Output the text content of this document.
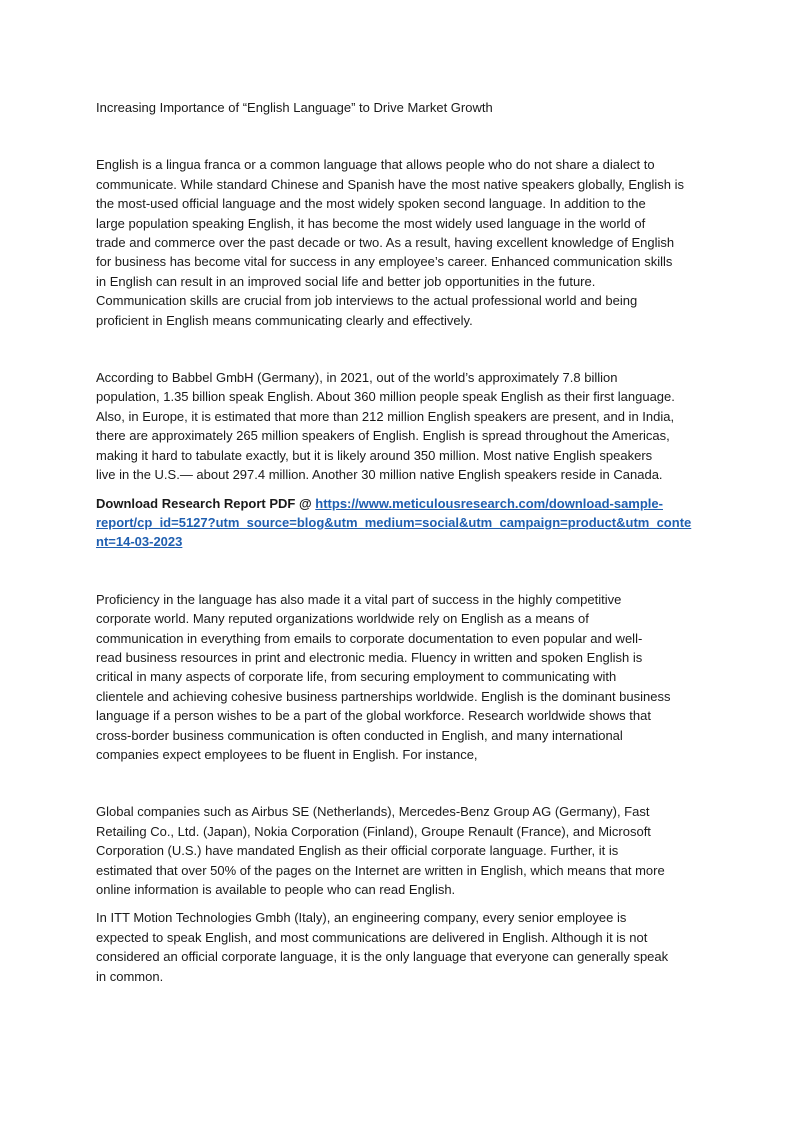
Increasing Importance of “English Language” to Drive Market Growth

English is a lingua franca or a common language that allows people who do not share a dialect to

communicate. While standard Chinese and Spanish have the most native speakers globally, English is

the most-used official language and the most widely spoken second language. In addition to the

large population speaking English, it has become the most widely used language in the world of

trade and commerce over the past decade or two. As a result, having excellent knowledge of English

for business has become vital for success in any employee’s career. Enhanced communication skills

in English can result in an improved social life and better job opportunities in the future.

Communication skills are crucial from job interviews to the actual professional world and being

proficient in English means communicating clearly and effectively.

According to Babbel GmbH (Germany), in 2021, out of the world’s approximately 7.8 billion

population, 1.35 billion speak English. About 360 million people speak English as their first language.

Also, in Europe, it is estimated that more than 212 million English speakers are present, and in India,

there are approximately 265 million speakers of English. English is spread throughout the Americas,

making it hard to tabulate exactly, but it is likely around 350 million. Most native English speakers

live in the U.S.— about 297.4 million. Another 30 million native English speakers reside in Canada.

Download Research Report PDF @ https://www.meticulousresearch.com/download-sample-

report/cp_id=5127?utm_source=blog&utm_medium=social&utm_campaign=product&utm_conte

nt=14-03-2023

Proficiency in the language has also made it a vital part of success in the highly competitive

corporate world. Many reputed organizations worldwide rely on English as a means of

communication in everything from emails to corporate documentation to even popular and well-

read business resources in print and electronic media. Fluency in written and spoken English is

critical in many aspects of corporate life, from securing employment to communicating with

clientele and achieving cohesive business partnerships worldwide. English is the dominant business

language if a person wishes to be a part of the global workforce. Research worldwide shows that

cross-border business communication is often conducted in English, and many international

companies expect employees to be fluent in English. For instance,

Global companies such as Airbus SE (Netherlands), Mercedes-Benz Group AG (Germany), Fast

Retailing Co., Ltd. (Japan), Nokia Corporation (Finland), Groupe Renault (France), and Microsoft

Corporation (U.S.) have mandated English as their official corporate language. Further, it is

estimated that over 50% of the pages on the Internet are written in English, which means that more

online information is available to people who can read English.

In ITT Motion Technologies Gmbh (Italy), an engineering company, every senior employee is

expected to speak English, and most communications are delivered in English. Although it is not

considered an official corporate language, it is the only language that everyone can generally speak

in common.
